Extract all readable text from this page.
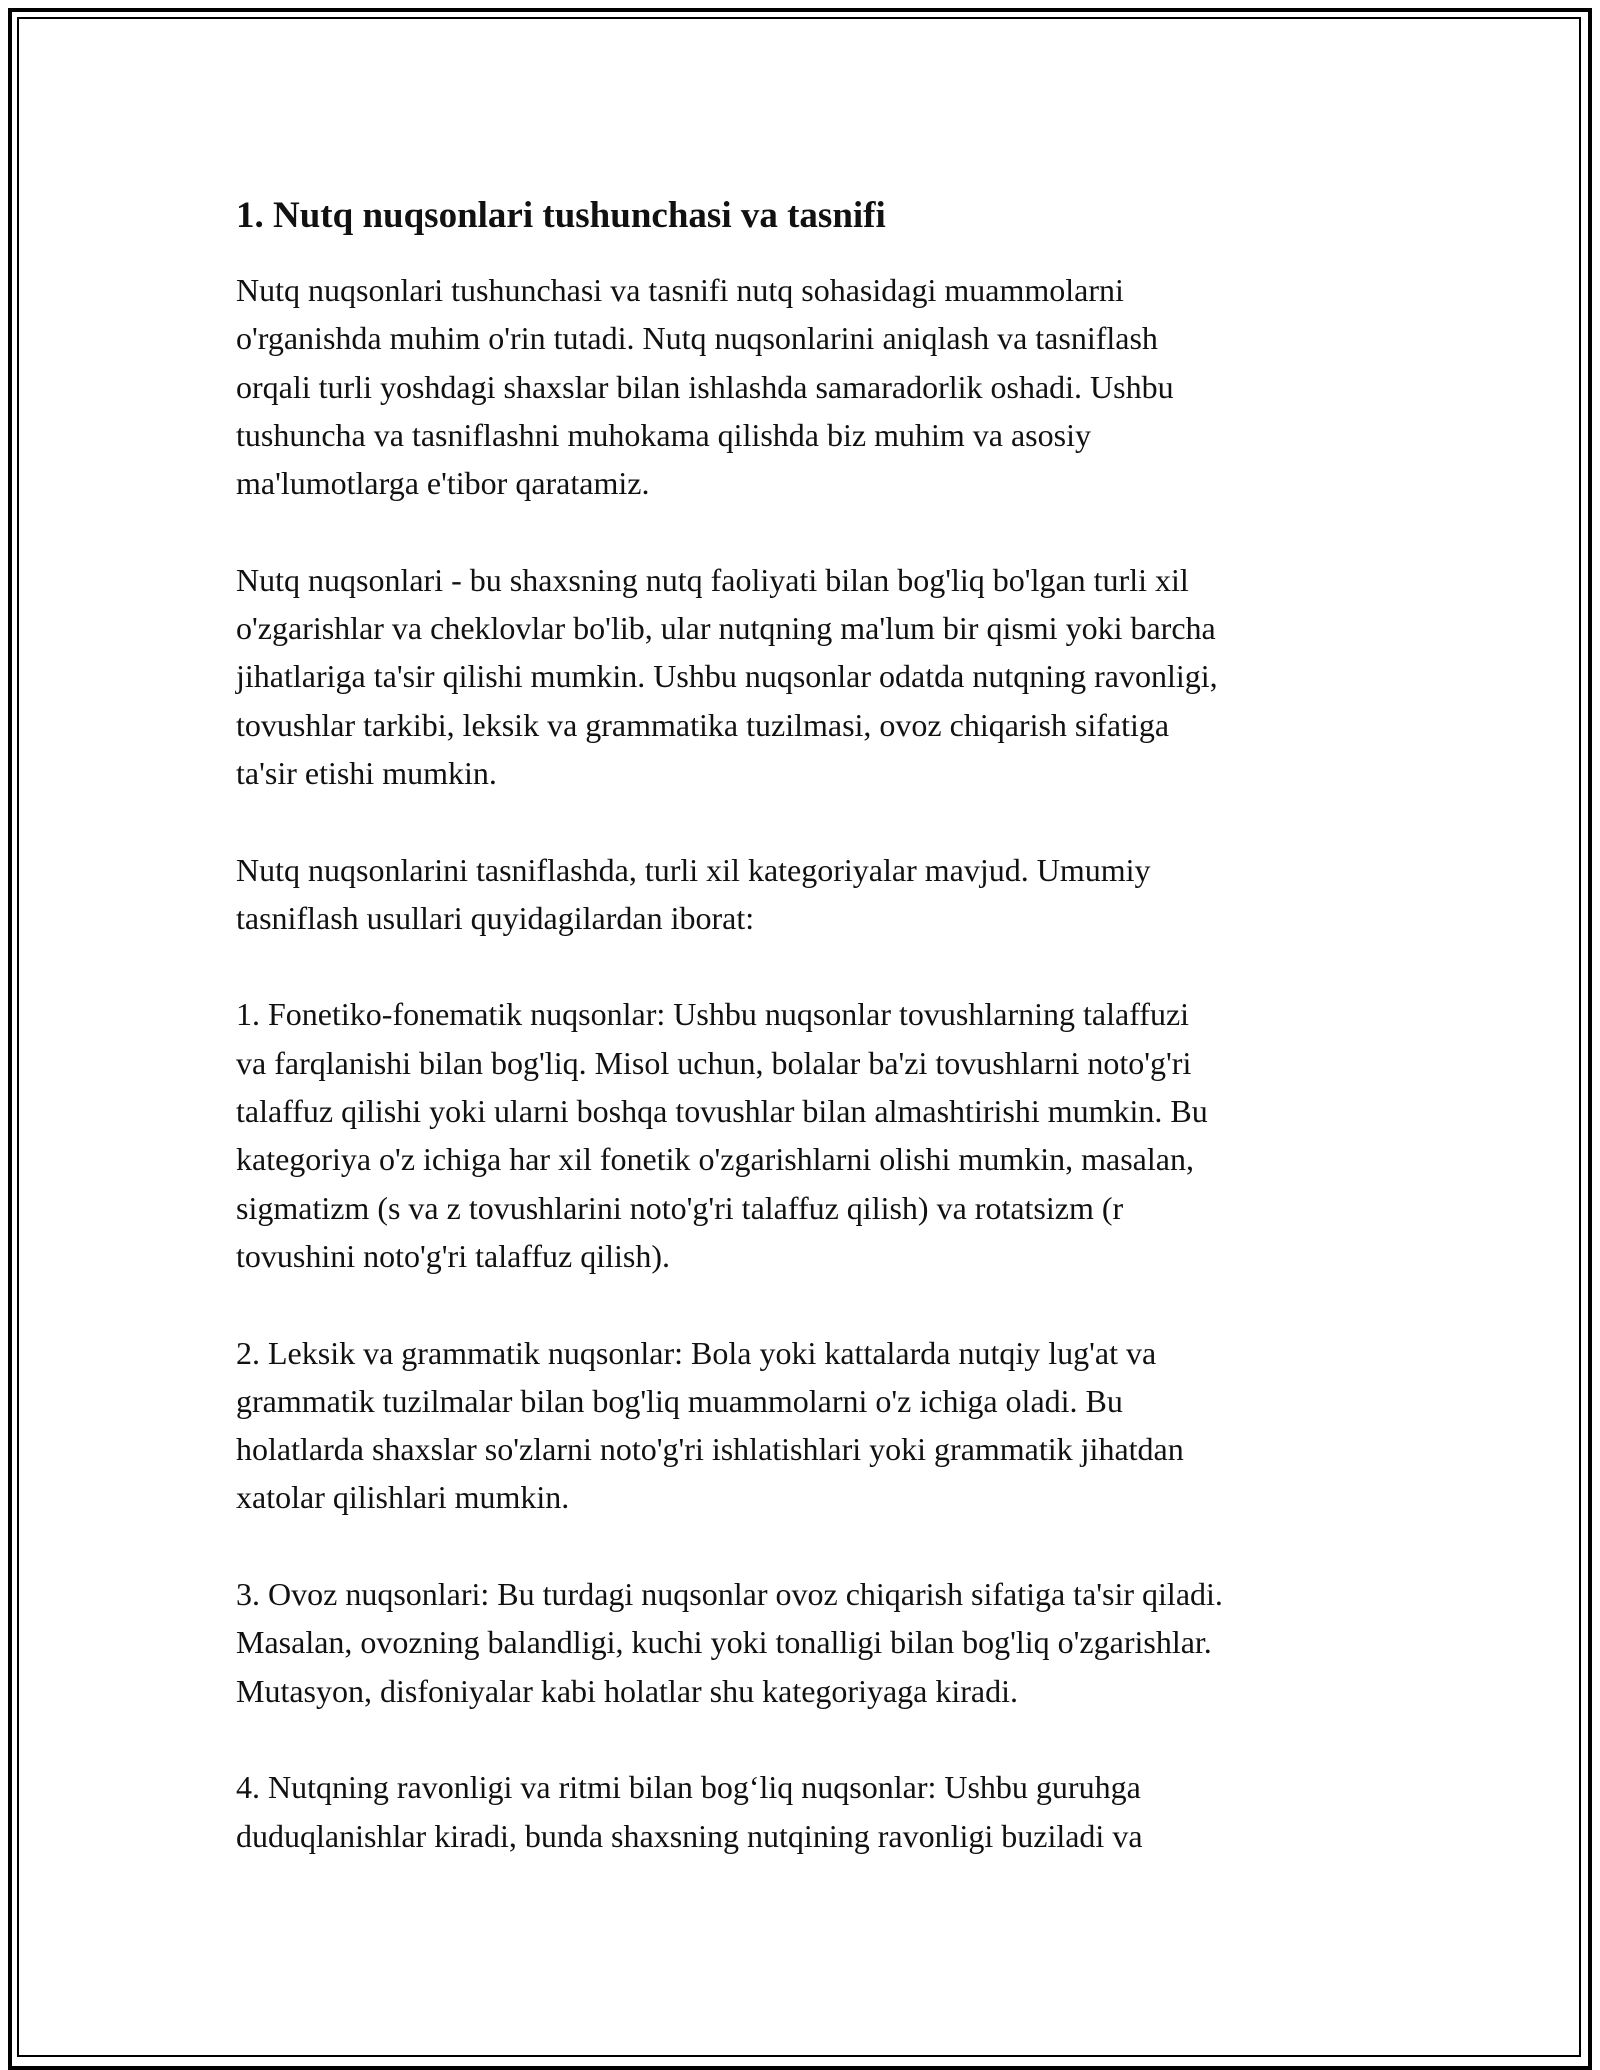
1. Nutq nuqsonlari tushunchasi va tasnifi

Nutq nuqsonlari tushunchasi va tasnifi nutq sohasidagi muammolarni
o'rganishda muhim o'rin tutadi. Nutq nuqsonlarini aniqlash va tasniflash
orqali turli yoshdagi shaxslar bilan ishlashda samaradorlik oshadi. Ushbu
tushuncha va tasniflashni muhokama qilishda biz muhim va asosiy
ma'lumotlarga e'tibor qaratamiz.

Nutq nuqsonlari - bu shaxsning nutq faoliyati bilan bog'liq bo'lgan turli xil
o'zgarishlar va cheklovlar bo'lib, ular nutqning ma'lum bir qismi yoki barcha
jihatlariga ta'sir qilishi mumkin. Ushbu nuqsonlar odatda nutqning ravonligi,
tovushlar tarkibi, leksik va grammatika tuzilmasi, ovoz chiqarish sifatiga
ta'sir etishi mumkin.

Nutq nuqsonlarini tasniflashda, turli xil kategoriyalar mavjud. Umumiy
tasniflash usullari quyidagilardan iborat:

1. Fonetiko-fonematik nuqsonlar: Ushbu nuqsonlar tovushlarning talaffuzi
va farqlanishi bilan bog'liq. Misol uchun, bolalar ba'zi tovushlarni noto'g'ri
talaffuz qilishi yoki ularni boshqa tovushlar bilan almashtirishi mumkin. Bu
kategoriya o'z ichiga har xil fonetik o'zgarishlarni olishi mumkin, masalan,
sigmatizm (s va z tovushlarini noto'g'ri talaffuz qilish) va rotatsizm (r
tovushini noto'g'ri talaffuz qilish).

2. Leksik va grammatik nuqsonlar: Bola yoki kattalarda nutqiy lug'at va
grammatik tuzilmalar bilan bog'liq muammolarni o'z ichiga oladi. Bu
holatlarda shaxslar so'zlarni noto'g'ri ishlatishlari yoki grammatik jihatdan
xatolar qilishlari mumkin.

3. Ovoz nuqsonlari: Bu turdagi nuqsonlar ovoz chiqarish sifatiga ta'sir qiladi.
Masalan, ovozning balandligi, kuchi yoki tonalligi bilan bog'liq o'zgarishlar.
Mutasyon, disfoniyalar kabi holatlar shu kategoriyaga kiradi.

4. Nutqning ravonligi va ritmi bilan bog‘liq nuqsonlar: Ushbu guruhga
duduqlanishlar kiradi, bunda shaxsning nutqining ravonligi buziladi va
